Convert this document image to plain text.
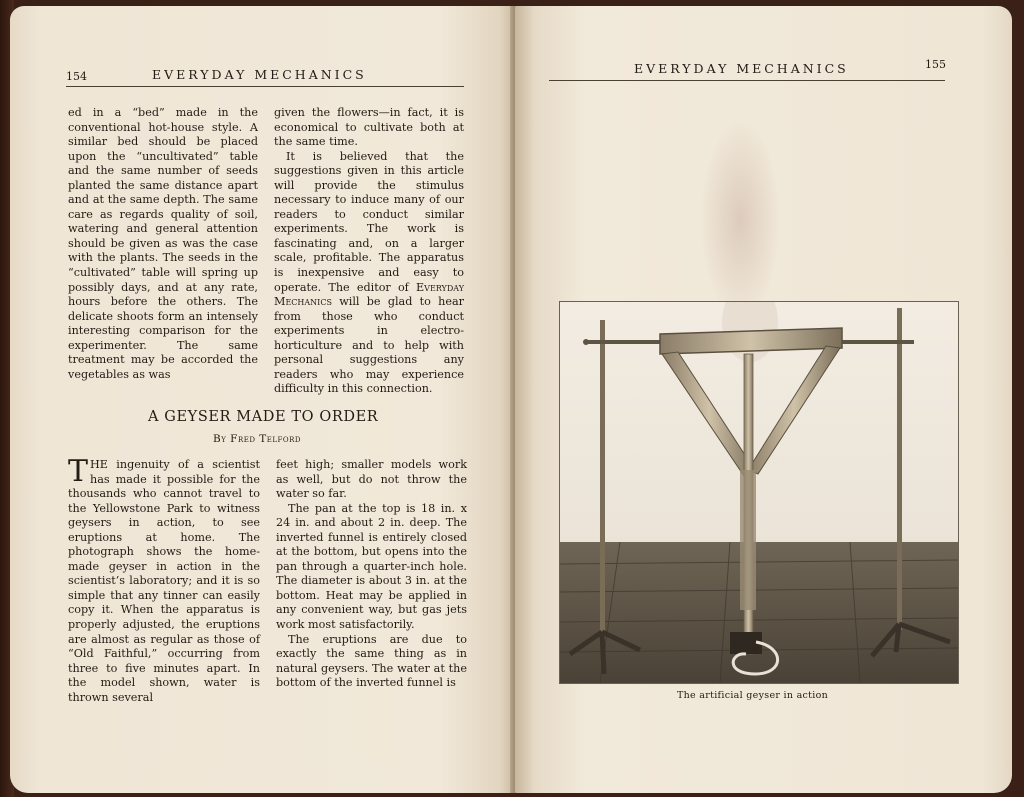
154	EVERYDAY MECHANICS

ed in a “bed” made in the conventional hot-house style. A similar bed should be placed upon the “uncultivated” table and the same number of seeds planted the same distance apart and at the same depth. The same care as regards quality of soil, watering and general attention should be given as was the case with the plants. The seeds in the “cultivated” table will spring up possibly days, and at any rate, hours before the others. The delicate shoots form an intensely interesting comparison for the experimenter. The same treatment may be accorded the vegetables as was

given the flowers—in fact, it is economical to cultivate both at the same time.

It is believed that the suggestions given in this article will provide the stimulus necessary to induce many of our readers to conduct similar experiments. The work is fascinating and, on a larger scale, profitable. The apparatus is inexpensive and easy to operate. The editor of Everyday Mechanics will be glad to hear from those who conduct experiments in electro-horticulture and to help with personal suggestions any readers who may experience difficulty in this connection.

A GEYSER MADE TO ORDER
By Fred Telford

THE ingenuity of a scientist has made it possible for the thousands who cannot travel to the Yellowstone Park to witness geysers in action, to see eruptions at home. The photograph shows the home-made geyser in action in the scientist’s laboratory; and it is so simple that any tinner can easily copy it. When the apparatus is properly adjusted, the eruptions are almost as regular as those of “Old Faithful,” occurring from three to five minutes apart. In the model shown, water is thrown several

feet high; smaller models work as well, but do not throw the water so far.

The pan at the top is 18 in. x 24 in. and about 2 in. deep. The inverted funnel is entirely closed at the bottom, but opens into the pan through a quarter-inch hole. The diameter is about 3 in. at the bottom. Heat may be applied in any convenient way, but gas jets work most satisfactorily.

The eruptions are due to exactly the same thing as in natural geysers. The water at the bottom of the inverted funnel is

EVERYDAY MECHANICS	155
The artificial geyser in action
